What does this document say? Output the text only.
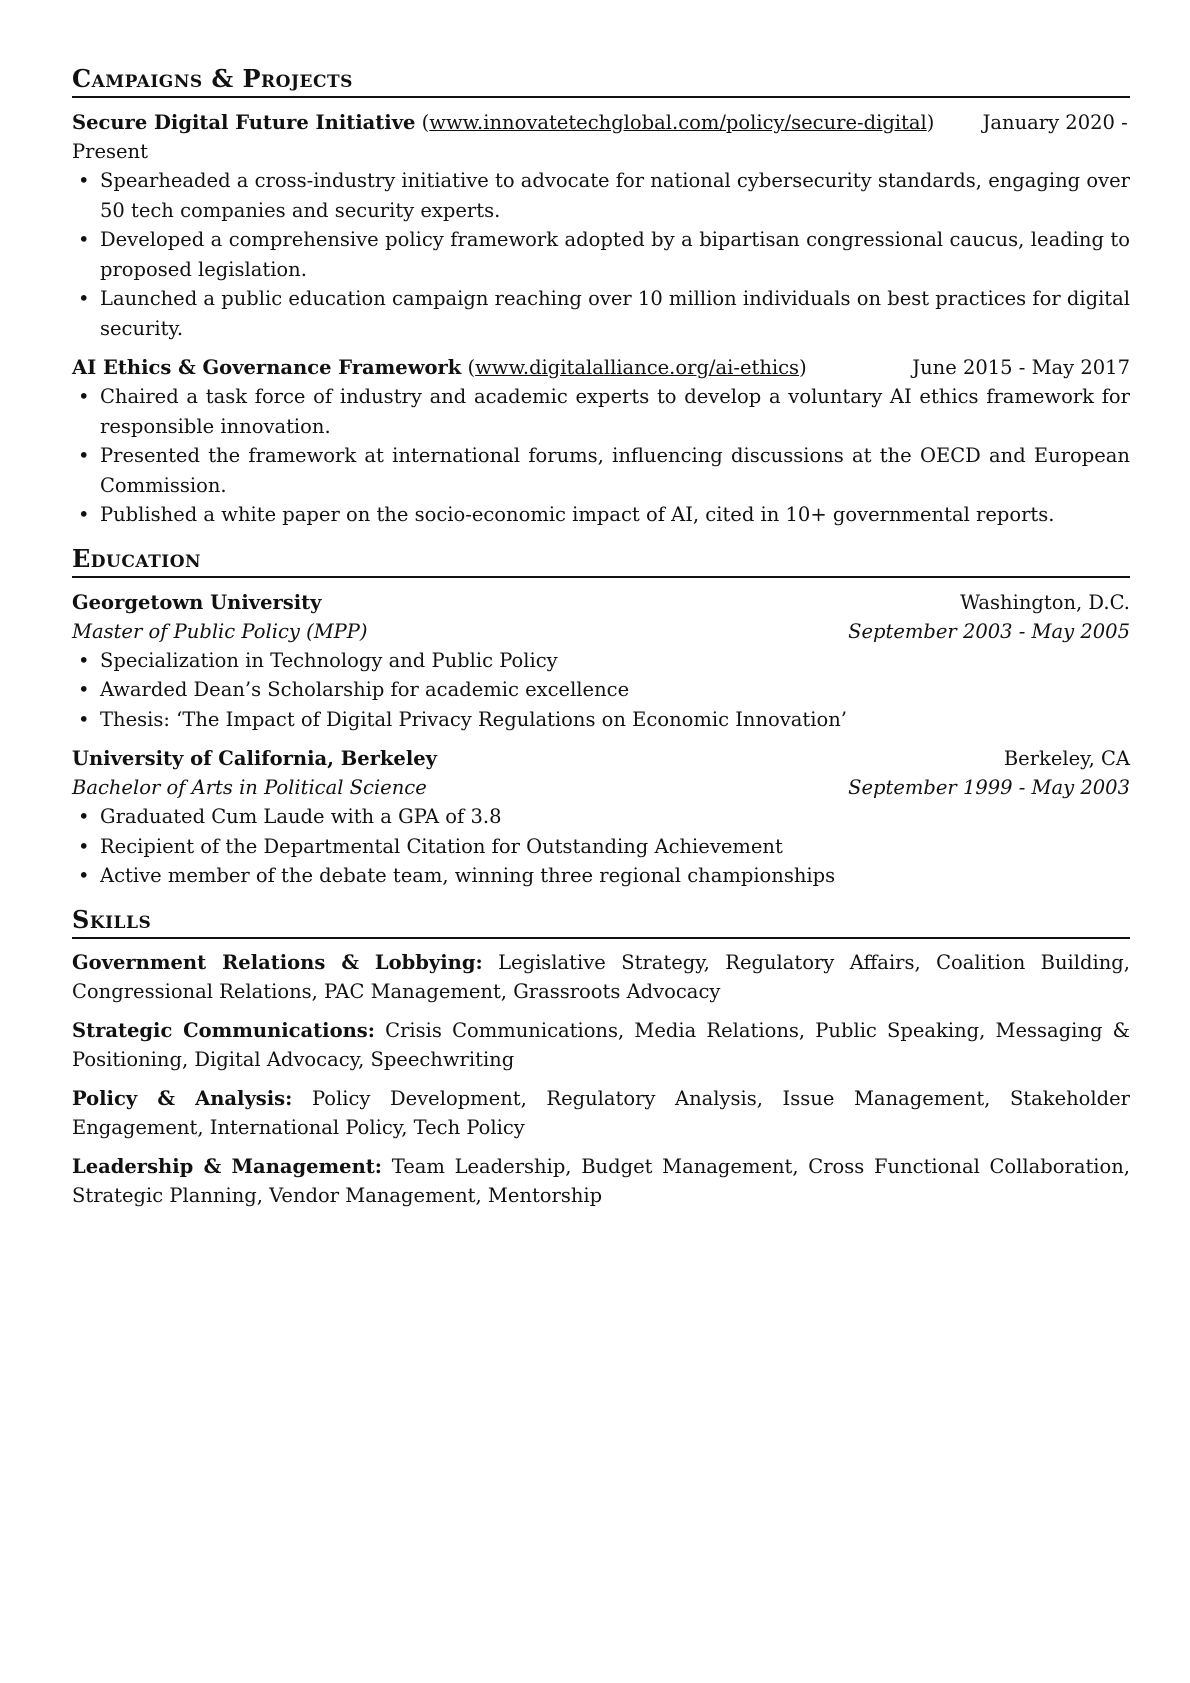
Campaigns & Projects
Secure Digital Future Initiative (www.innovatetechglobal.com/policy/secure-digital) January 2020 - Present
• Spearheaded a cross-industry initiative to advocate for national cybersecurity standards, engaging over 50 tech companies and security experts.
• Developed a comprehensive policy framework adopted by a bipartisan congressional caucus, leading to proposed legislation.
• Launched a public education campaign reaching over 10 million individuals on best practices for digital security.
AI Ethics & Governance Framework (www.digitalalliance.org/ai-ethics)	June 2015 - May 2017
• Chaired a task force of industry and academic experts to develop a voluntary AI ethics framework for responsible innovation.
• Presented the framework at international forums, influencing discussions at the OECD and European Commission.
• Published a white paper on the socio-economic impact of AI, cited in 10+ governmental reports.
Education
Georgetown University	Washington, D.C.
Master of Public Policy (MPP)	September 2003 - May 2005
• Specialization in Technology and Public Policy
• Awarded Dean’s Scholarship for academic excellence
• Thesis: ‘The Impact of Digital Privacy Regulations on Economic Innovation’
University of California, Berkeley	Berkeley, CA
Bachelor of Arts in Political Science	September 1999 - May 2003
• Graduated Cum Laude with a GPA of 3.8
• Recipient of the Departmental Citation for Outstanding Achievement
• Active member of the debate team, winning three regional championships
Skills
Government Relations & Lobbying: Legislative Strategy, Regulatory Affairs, Coalition Building, Congressional Relations, PAC Management, Grassroots Advocacy
Strategic Communications: Crisis Communications, Media Relations, Public Speaking, Messaging & Positioning, Digital Advocacy, Speechwriting
Policy & Analysis: Policy Development, Regulatory Analysis, Issue Management, Stakeholder Engagement, International Policy, Tech Policy
Leadership & Management: Team Leadership, Budget Management, Cross Functional Collaboration, Strategic Planning, Vendor Management, Mentorship
